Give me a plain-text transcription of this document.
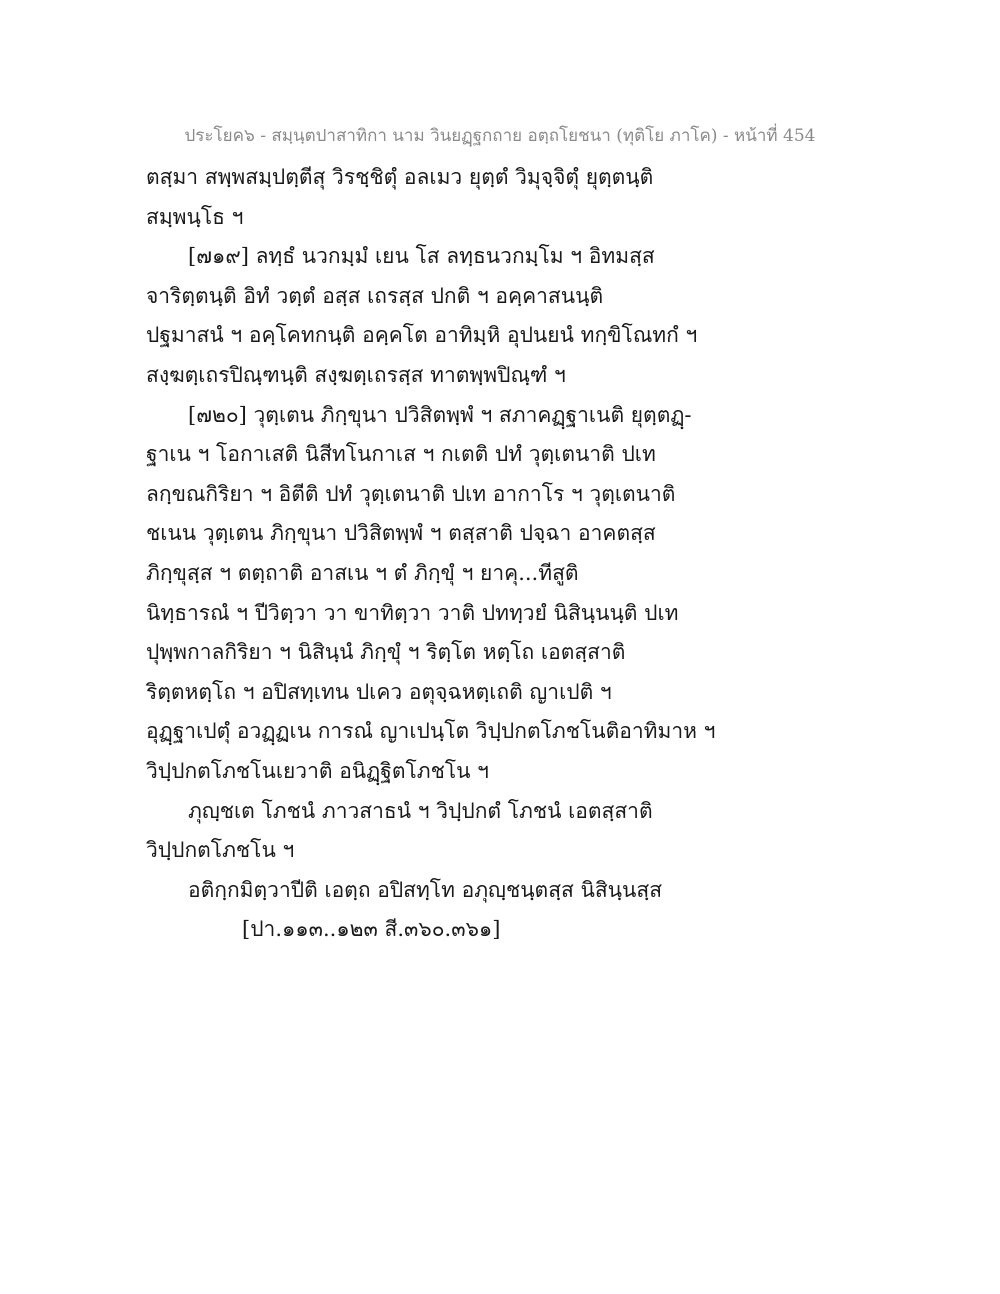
ประโยค๖ - สมฺนฺตปาสาทิกา นาม วินยฏฺฐกถาย อตฺถโยชนา (ทุติโย ภาโค) - หน้าที่ 454
ตสฺมา สพฺพสมฺปตฺตีสุ วิรชฺชิตุํ อลเมว ยุตฺตํ วิมุจฺจิตุํ ยุตฺตนฺติ
สมฺพนฺโธ ฯ
[๗๑๙] ลทฺธํ นวกมฺมํ เยน โส ลทฺธนวกมฺโม ฯ อิทมสฺส
จาริตฺตนฺติ อิทํ วตฺตํ อสฺส เถรสฺส ปกติ ฯ อคฺคาสนนฺติ
ปฐมาสนํ ฯ อคฺโคทกนฺติ อคฺคโต อาทิมฺหิ อุปนยนํ ทกฺขิโณทกํ ฯ
สงฺฆตฺเถรปิณฺฑนฺติ สงฺฆตฺเถรสฺส ทาตพฺพปิณฺฑํ ฯ
[๗๒๐] วุตฺเตน ภิกฺขุนา ปวิสิตพฺพํ ฯ สภาคฏฺฐาเนติ ยุตฺตฏฺ-
ฐาเน ฯ โอกาเสติ นิสีทโนกาเส ฯ กเตติ ปทํ วุตฺเตนาติ ปเท
ลกฺขณกิริยา ฯ อิตีติ ปทํ วุตฺเตนาติ ปเท อากาโร ฯ วุตฺเตนาติ
ชเนน วุตฺเตน ภิกฺขุนา ปวิสิตพฺพํ ฯ ตสฺสาติ ปจฺฉา อาคตสฺส
ภิกฺขุสฺส ฯ ตตฺถาติ อาสเน ฯ ตํ ภิกฺขุํ ฯ ยาคุ...ทีสูติ
นิทฺธารณํ ฯ ปีวิตฺวา วา ขาทิตฺวา วาติ ปททฺวยํ นิสินฺนนฺติ ปเท
ปุพฺพกาลกิริยา ฯ นิสินฺนํ ภิกฺขุํ ฯ ริตฺโต หตฺโถ เอตสฺสาติ
ริตฺตหตฺโถ ฯ อปิสทฺเทน ปเคว อตุจฺฉหตฺเถติ ญาเปติ ฯ
อุฏฺฐาเปตุํ อวฏฺฏเน การณํ ญาเปนฺโต วิปฺปกตโภชโนติอาทิมาห ฯ
วิปฺปกตโภชโนเยวาติ อนิฏฺฐิตโภชโน ฯ
ภุญฺชเต โภชนํ ภาวสาธนํ ฯ วิปฺปกตํ โภชนํ เอตสฺสาติ
วิปฺปกตโภชโน ฯ
อติกฺกมิตฺวาปีติ เอตฺถ อปิสทฺโท อภุญฺชนฺตสฺส นิสินฺนสฺส
[ปา.๑๑๓..๑๒๓ สี.๓๖๐.๓๖๑]
